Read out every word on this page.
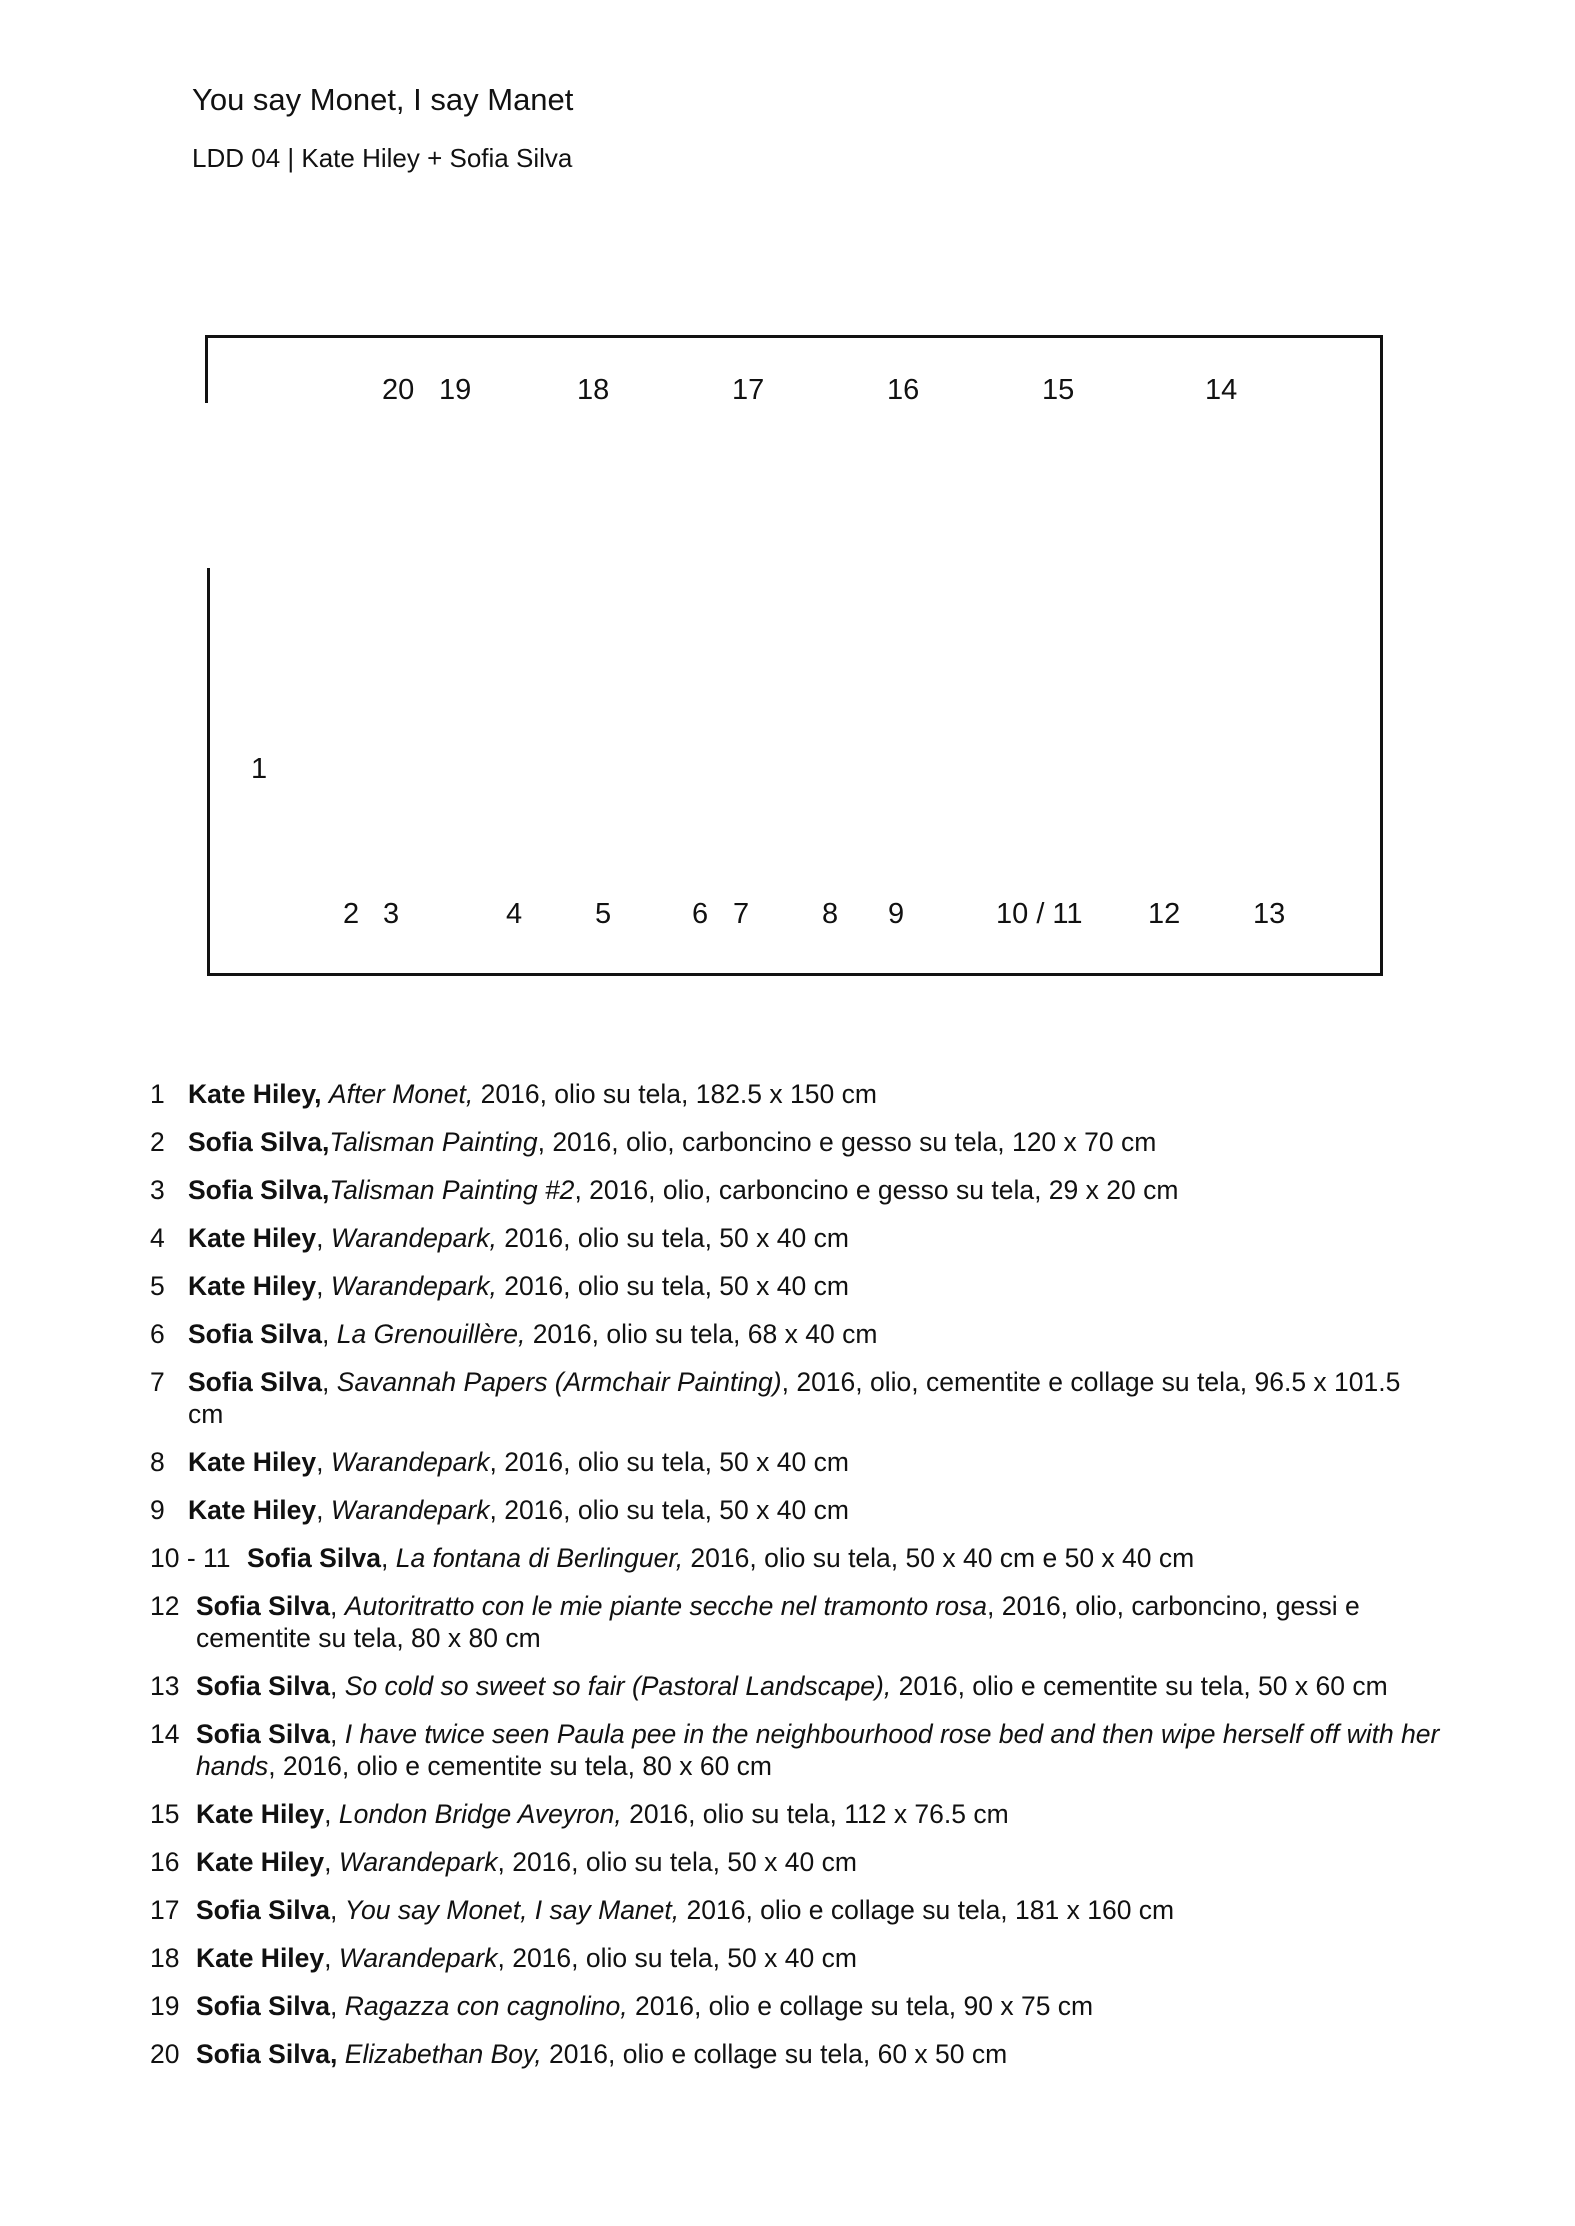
You say Monet, I say Manet
LDD 04 | Kate Hiley + Sofia Silva
20 19	18	17	16	15	14
1
2 3	4	5	6 7	8 9	10 / 11 12	13
1 Kate Hiley, After Monet, 2016, olio su tela, 182.5 x 150 cm
2 Sofia Silva,Talisman Painting, 2016, olio, carboncino e gesso su tela, 120 x 70 cm
3 Sofia Silva,Talisman Painting #2, 2016, olio, carboncino e gesso su tela, 29 x 20 cm
4 Kate Hiley, Warandepark, 2016, olio su tela, 50 x 40 cm
5 Kate Hiley, Warandepark, 2016, olio su tela, 50 x 40 cm
6 Sofia Silva, La Grenouillère, 2016, olio su tela, 68 x 40 cm
7 Sofia Silva, Savannah Papers (Armchair Painting), 2016, olio, cementite e collage su tela, 96.5 x 101.5 cm
8 Kate Hiley, Warandepark, 2016, olio su tela, 50 x 40 cm
9 Kate Hiley, Warandepark, 2016, olio su tela, 50 x 40 cm
10 - 11 Sofia Silva, La fontana di Berlinguer, 2016, olio su tela, 50 x 40 cm e 50 x 40 cm
12 Sofia Silva, Autoritratto con le mie piante secche nel tramonto rosa, 2016, olio, carboncino, gessi e cementite su tela, 80 x 80 cm
13 Sofia Silva, So cold so sweet so fair (Pastoral Landscape), 2016, olio e cementite su tela, 50 x 60 cm
14 Sofia Silva, I have twice seen Paula pee in the neighbourhood rose bed and then wipe herself off with her hands, 2016, olio e cementite su tela, 80 x 60 cm
15 Kate Hiley, London Bridge Aveyron, 2016, olio su tela, 112 x 76.5 cm
16 Kate Hiley, Warandepark, 2016, olio su tela, 50 x 40 cm
17 Sofia Silva, You say Monet, I say Manet, 2016, olio e collage su tela, 181 x 160 cm
18 Kate Hiley, Warandepark, 2016, olio su tela, 50 x 40 cm
19 Sofia Silva, Ragazza con cagnolino, 2016, olio e collage su tela, 90 x 75 cm
20 Sofia Silva, Elizabethan Boy, 2016, olio e collage su tela, 60 x 50 cm
